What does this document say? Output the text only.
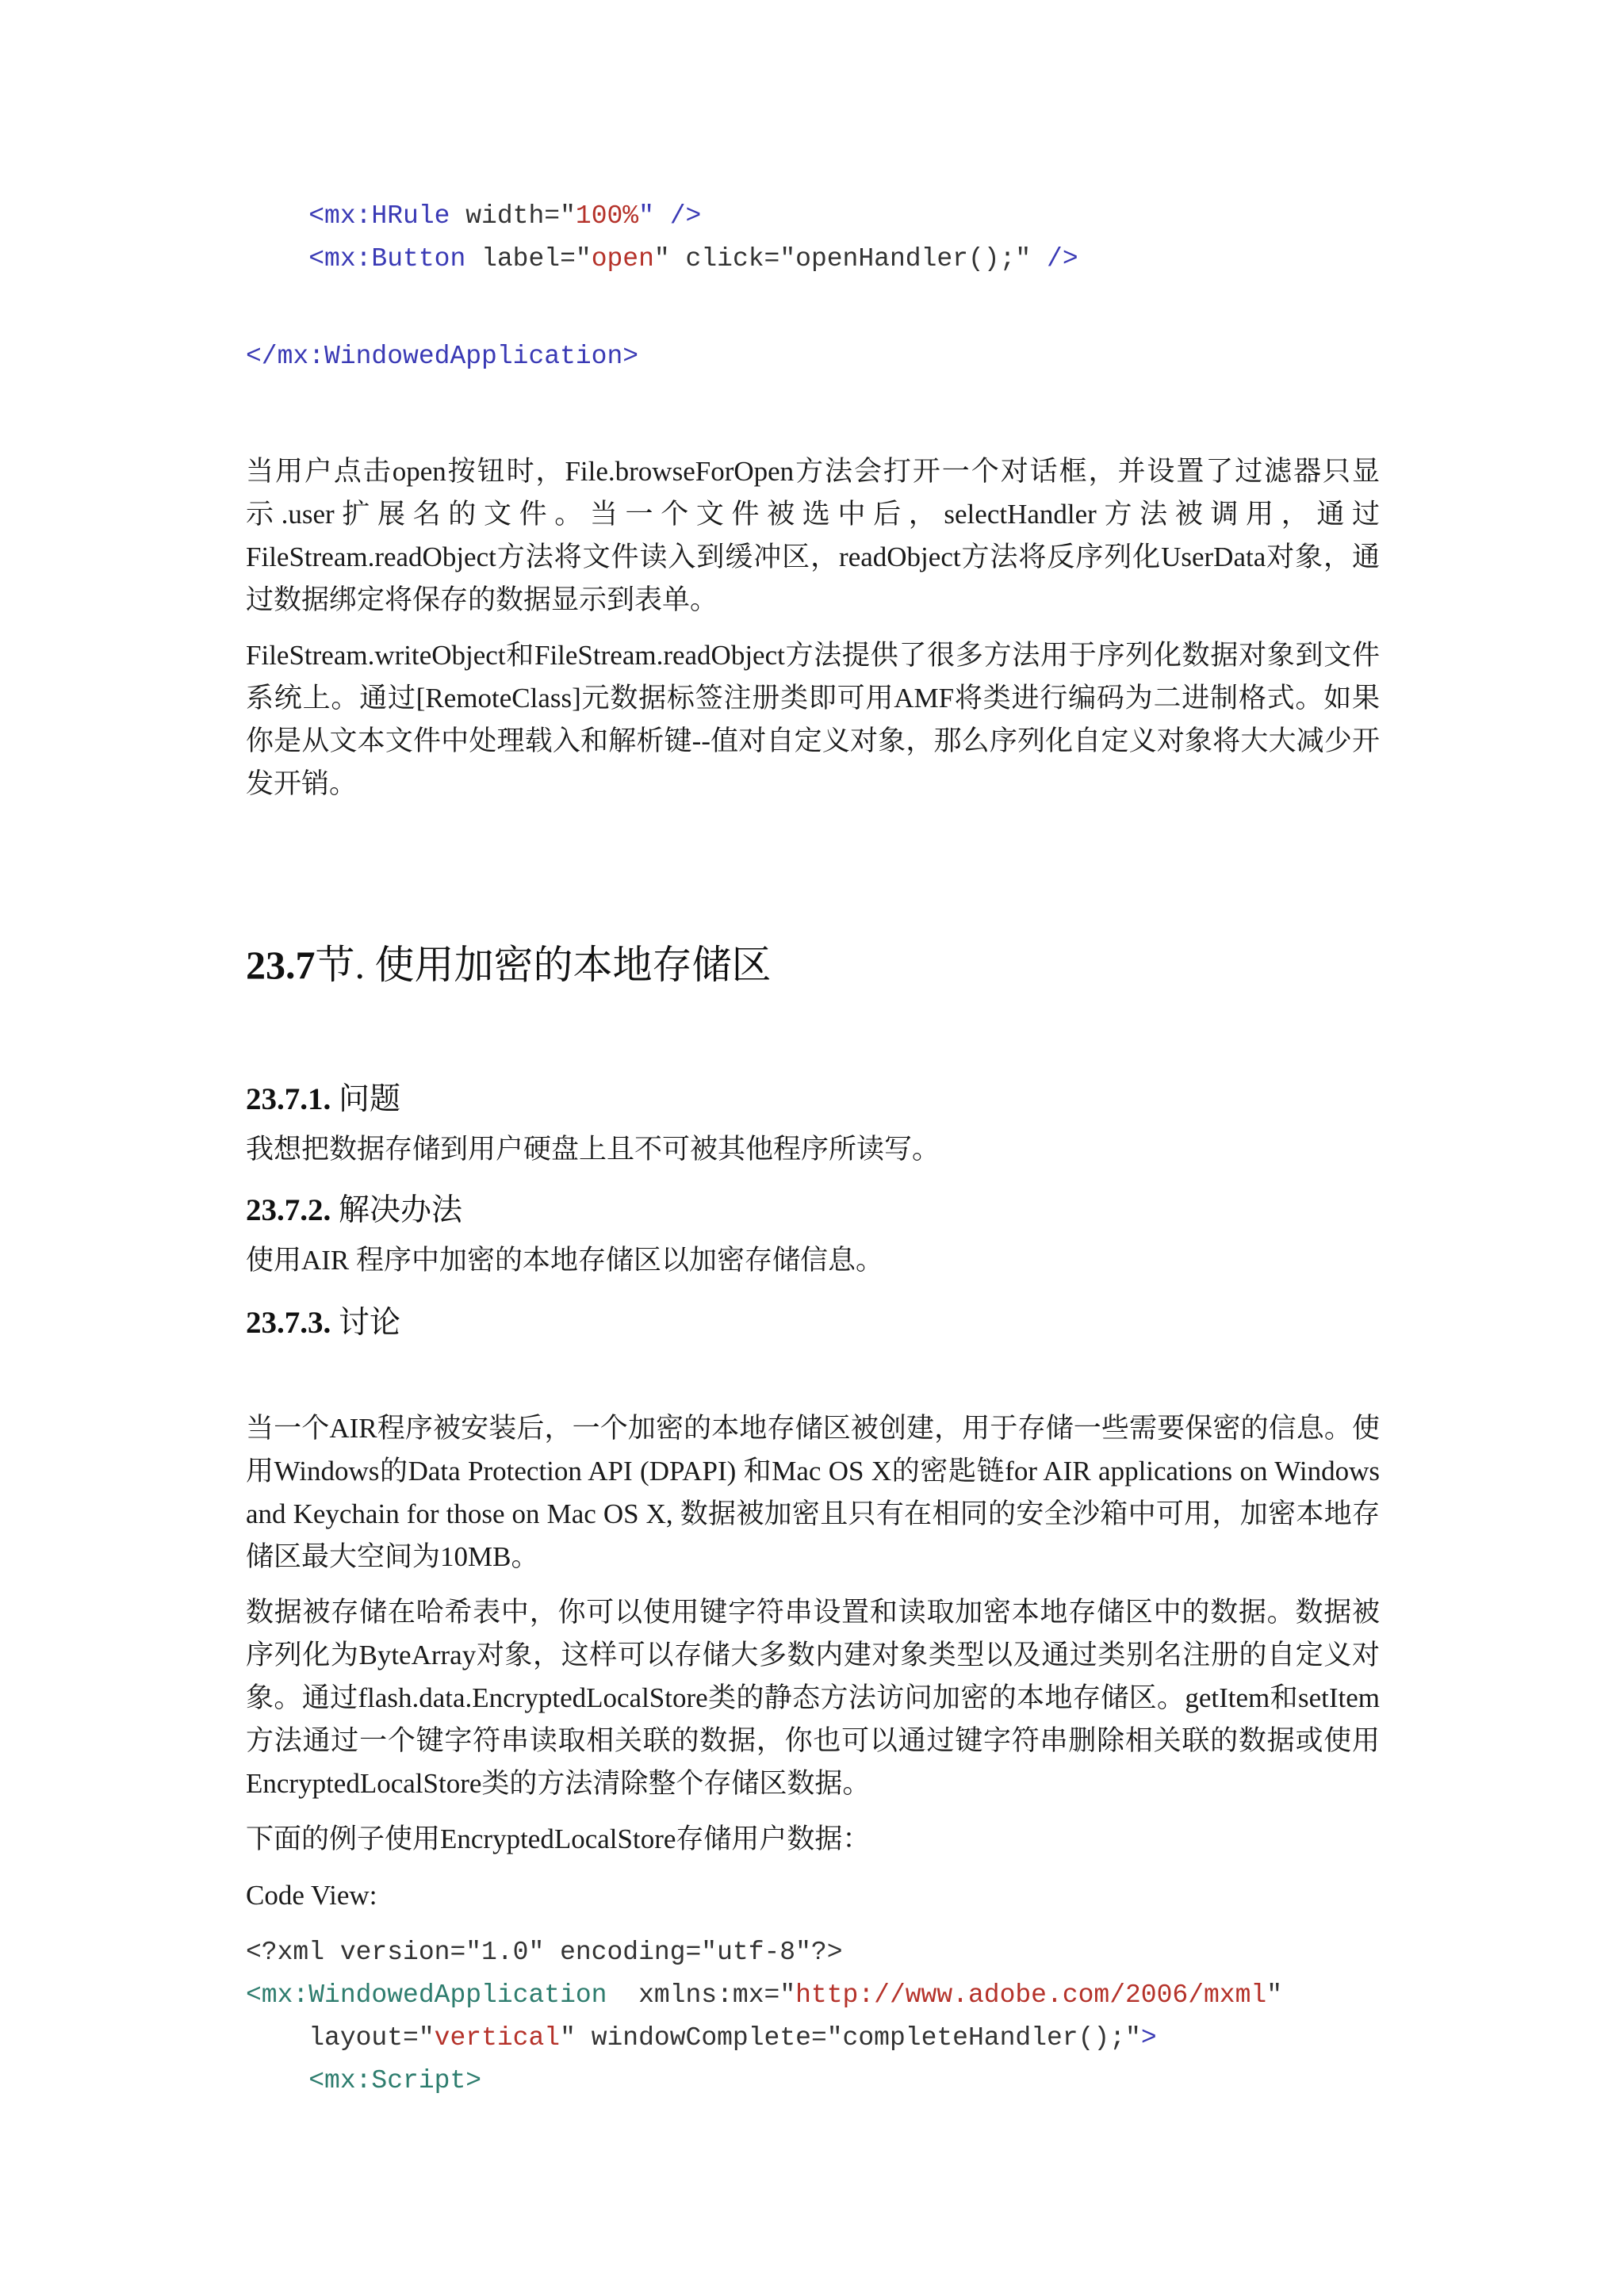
<mx:HRule width="100%" />
<mx:Button label="open" click="openHandler();" />
</mx:WindowedApplication>
当用户点击open按钮时，File.browseForOpen方法会打开一个对话框，并设置了过滤器只显示.user扩展名的文件。当一个文件被选中后，selectHandler方法被调用，通过FileStream.readObject方法将文件读入到缓冲区，readObject方法将反序列化UserData对象，通过数据绑定将保存的数据显示到表单。
FileStream.writeObject和FileStream.readObject方法提供了很多方法用于序列化数据对象到文件系统上。通过[RemoteClass]元数据标签注册类即可用AMF将类进行编码为二进制格式。如果你是从文本文件中处理载入和解析键--值对自定义对象，那么序列化自定义对象将大大减少开发开销。
23.7节. 使用加密的本地存储区
23.7.1. 问题
我想把数据存储到用户硬盘上且不可被其他程序所读写。
23.7.2. 解决办法
使用AIR 程序中加密的本地存储区以加密存储信息。
23.7.3. 讨论
当一个AIR程序被安装后，一个加密的本地存储区被创建，用于存储一些需要保密的信息。使用Windows的Data Protection API (DPAPI) 和Mac OS X的密匙链for AIR applications on Windows and Keychain for those on Mac OS X, 数据被加密且只有在相同的安全沙箱中可用，加密本地存储区最大空间为10MB。
数据被存储在哈希表中，你可以使用键字符串设置和读取加密本地存储区中的数据。数据被序列化为ByteArray对象，这样可以存储大多数内建对象类型以及通过类别名注册的自定义对象。通过flash.data.EncryptedLocalStore类的静态方法访问加密的本地存储区。getItem和setItem方法通过一个键字符串读取相关联的数据，你也可以通过键字符串删除相关联的数据或使用EncryptedLocalStore类的方法清除整个存储区数据。
下面的例子使用EncryptedLocalStore存储用户数据：
Code View:
<?xml version="1.0" encoding="utf-8"?>
<mx:WindowedApplication  xmlns:mx="http://www.adobe.com/2006/mxml"
layout="vertical" windowComplete="completeHandler();">
<mx:Script>
